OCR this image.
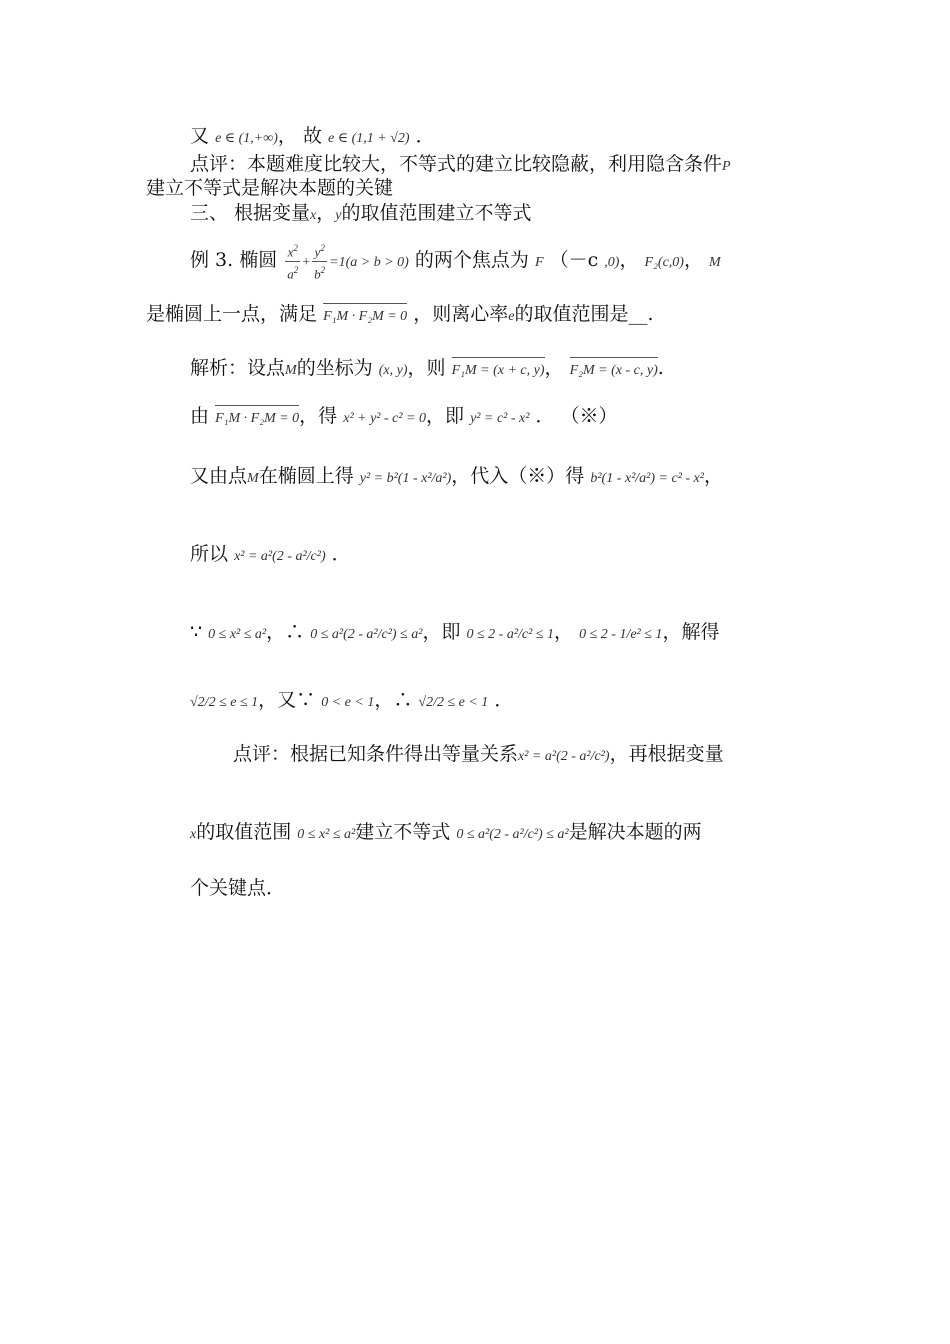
又 e ∈ (1,+∞)， 故 e ∈ (1,1 + √2) ．
点评：本题难度比较大，不等式的建立比较隐蔽，利用隐含条件P
建立不等式是解决本题的关键
三、 根据变量x，y的取值范围建立不等式
例 3. 椭圆 $\frac{x^2}{a^2} + \frac{y^2}{b^2} =1(a > b > 0)$ 的两个焦点为 F （－c ,0)， F₂(c,0)， M
是椭圆上一点，满足 F₁M · F₂M = 0 ，则离心率e的取值范围是__.
解析：设点M的坐标为 (x, y)，则 F₁M = (x + c, y)， F₂M = (x - c, y).
由 F₁M · F₂M = 0，得 x² + y² - c² = 0，即 y² = c² - x² ． （※）
又由点M在椭圆上得 y² = b²(1 - x²/a²)，代入（※）得 b²(1 - x²/a²) = c² - x²，
所以 x² = a²(2 - a²/c²) ．
∵ 0 ≤ x² ≤ a²，∴ 0 ≤ a²(2 - a²/c²) ≤ a²，即 0 ≤ 2 - a²/c² ≤ 1， 0 ≤ 2 - 1/e² ≤ 1，解得
√2/2 ≤ e ≤ 1，又∵ 0 < e < 1，∴ √2/2 ≤ e < 1 ．
点评：根据已知条件得出等量关系x² = a²(2 - a²/c²)，再根据变量
x的取值范围 0 ≤ x² ≤ a²建立不等式 0 ≤ a²(2 - a²/c²) ≤ a²是解决本题的两
个关键点．
